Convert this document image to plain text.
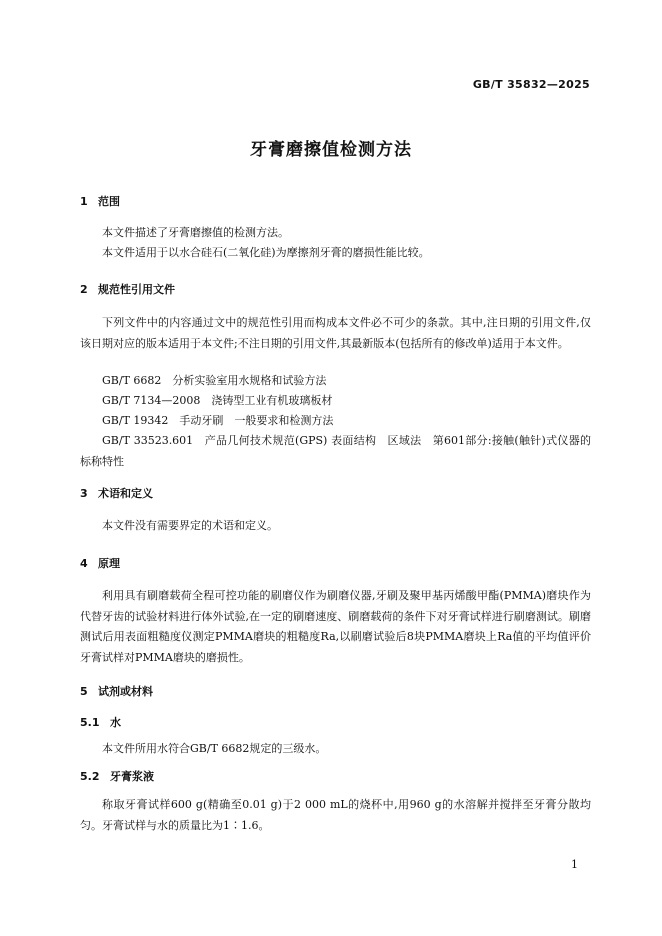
GB/T 35832—2025
牙膏磨擦值检测方法
1 范围
本文件描述了牙膏磨擦值的检测方法。
本文件适用于以水合硅石(二氧化硅)为摩擦剂牙膏的磨损性能比较。
2 规范性引用文件
下列文件中的内容通过文中的规范性引用而构成本文件必不可少的条款。其中,注日期的引用文件,仅该日期对应的版本适用于本文件;不注日期的引用文件,其最新版本(包括所有的修改单)适用于本文件。
GB/T 6682　分析实验室用水规格和试验方法
GB/T 7134—2008　浇铸型工业有机玻璃板材
GB/T 19342　手动牙刷　一般要求和检测方法
GB/T 33523.601　产品几何技术规范(GPS) 表面结构　区域法　第601部分:接触(触针)式仪器的标称特性
3 术语和定义
本文件没有需要界定的术语和定义。
4 原理
利用具有刷磨载荷全程可控功能的刷磨仪作为刷磨仪器,牙刷及聚甲基丙烯酸甲酯(PMMA)磨块作为代替牙齿的试验材料进行体外试验,在一定的刷磨速度、刷磨载荷的条件下对牙膏试样进行刷磨测试。刷磨测试后用表面粗糙度仪测定PMMA磨块的粗糙度Ra,以刷磨试验后8块PMMA磨块上Ra值的平均值评价牙膏试样对PMMA磨块的磨损性。
5 试剂或材料
5.1 水
本文件所用水符合GB/T 6682规定的三级水。
5.2 牙膏浆液
称取牙膏试样600 g(精确至0.01 g)于2 000 mL的烧杯中,用960 g的水溶解并搅拌至牙膏分散均匀。牙膏试样与水的质量比为1∶1.6。
1
